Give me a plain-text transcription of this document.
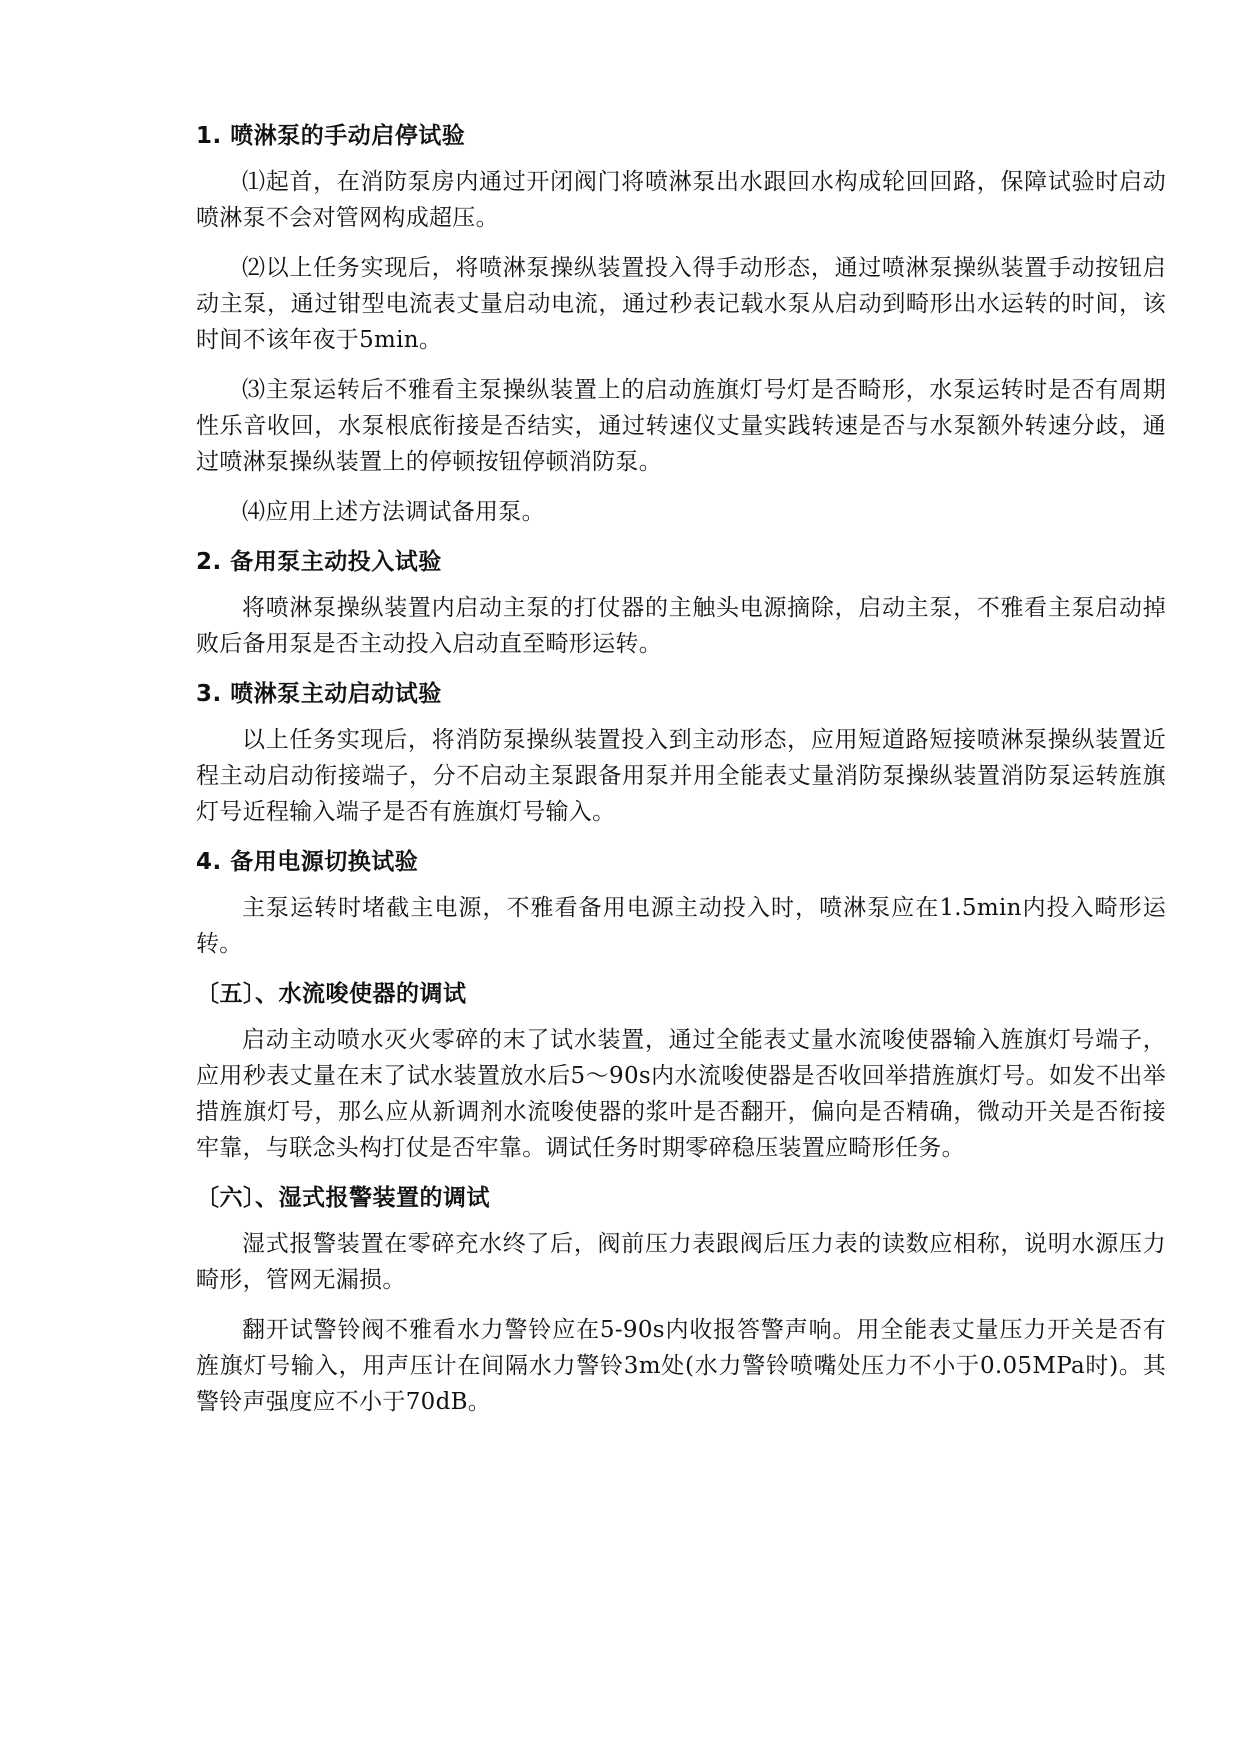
1. 喷淋泵的手动启停试验

⑴起首，在消防泵房内通过开闭阀门将喷淋泵出水跟回水构成轮回回路，保障试验时启动喷淋泵不会对管网构成超压。

⑵以上任务实现后，将喷淋泵操纵装置投入得手动形态，通过喷淋泵操纵装置手动按钮启动主泵，通过钳型电流表丈量启动电流，通过秒表记载水泵从启动到畸形出水运转的时间，该时间不该年夜于5min。

⑶主泵运转后不雅看主泵操纵装置上的启动旌旗灯号灯是否畸形，水泵运转时是否有周期性乐音收回，水泵根底衔接是否结实，通过转速仪丈量实践转速是否与水泵额外转速分歧，通过喷淋泵操纵装置上的停顿按钮停顿消防泵。

⑷应用上述方法调试备用泵。

2. 备用泵主动投入试验

将喷淋泵操纵装置内启动主泵的打仗器的主触头电源摘除，启动主泵，不雅看主泵启动掉败后备用泵是否主动投入启动直至畸形运转。

3. 喷淋泵主动启动试验

以上任务实现后，将消防泵操纵装置投入到主动形态，应用短道路短接喷淋泵操纵装置近程主动启动衔接端子，分不启动主泵跟备用泵并用全能表丈量消防泵操纵装置消防泵运转旌旗灯号近程输入端子是否有旌旗灯号输入。

4. 备用电源切换试验

主泵运转时堵截主电源，不雅看备用电源主动投入时，喷淋泵应在1.5min内投入畸形运转。

〔五〕、水流唆使器的调试

启动主动喷水灭火零碎的末了试水装置，通过全能表丈量水流唆使器输入旌旗灯号端子，应用秒表丈量在末了试水装置放水后5～90s内水流唆使器是否收回举措旌旗灯号。如发不出举措旌旗灯号，那么应从新调剂水流唆使器的浆叶是否翻开，偏向是否精确，微动开关是否衔接牢靠，与联念头构打仗是否牢靠。调试任务时期零碎稳压装置应畸形任务。

〔六〕、湿式报警装置的调试

湿式报警装置在零碎充水终了后，阀前压力表跟阀后压力表的读数应相称，说明水源压力畸形，管网无漏损。

翻开试警铃阀不雅看水力警铃应在5-90s内收报答警声响。用全能表丈量压力开关是否有旌旗灯号输入，用声压计在间隔水力警铃3m处(水力警铃喷嘴处压力不小于0.05MPa时)。其警铃声强度应不小于70dB。
